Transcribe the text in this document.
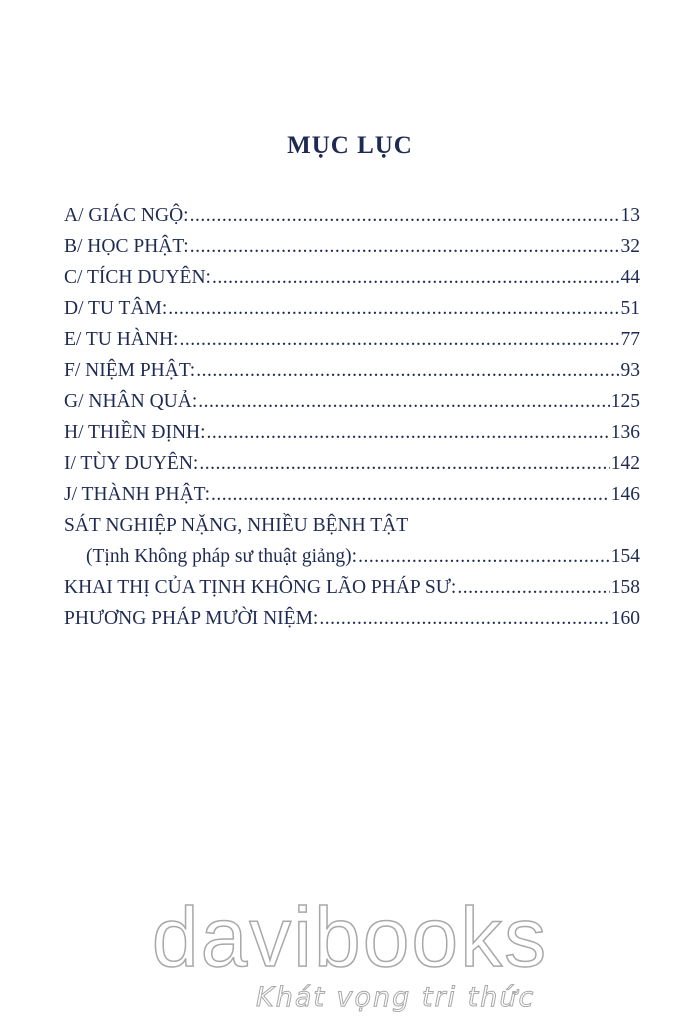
MỤC LỤC
A/ GIÁC NGỘ: .....	13
B/ HỌC PHẬT: .....	32
C/ TÍCH DUYÊN: .....	44
D/ TU TÂM: .....	51
E/ TU HÀNH: .....	77
F/ NIỆM PHẬT: .....	93
G/ NHÂN QUẢ: .....	125
H/ THIỀN ĐỊNH: .....	136
I/ TÙY DUYÊN: .....	142
J/ THÀNH PHẬT: .....	146
SÁT NGHIỆP NẶNG, NHIỀU BỆNH TẬT
(Tịnh Không pháp sư thuật giảng): .....	154
KHAI THỊ CỦA TỊNH KHÔNG LÃO PHÁP SƯ: .....	158
PHƯƠNG PHÁP MƯỜI NIỆM: .....	160
davibooks
Khát vọng tri thức
